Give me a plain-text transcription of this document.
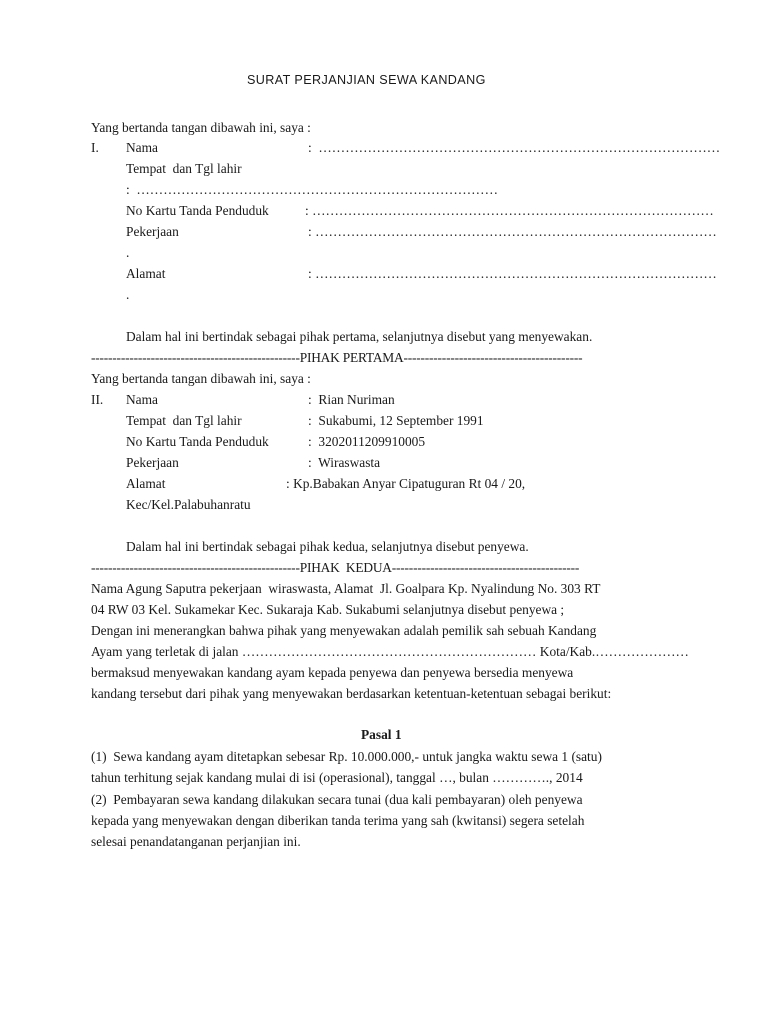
SURAT PERJANJIAN SEWA KANDANG
Yang bertanda tangan dibawah ini, saya :
I. Nama	:  ………………………………………………………………………………
Tempat  dan Tgl lahir
:  ………………………………………………………………………
No Kartu Tanda Penduduk	: ………………………………………………………………………………
Pekerjaan	: ………………………………………………………………………………
.
Alamat	: ………………………………………………………………………………
.
Dalam hal ini bertindak sebagai pihak pertama, selanjutnya disebut yang menyewakan.
-------------------------------------------------PIHAK PERTAMA------------------------------------------
Yang bertanda tangan dibawah ini, saya :
II. Nama	:  Rian Nuriman
Tempat  dan Tgl lahir	:  Sukabumi, 12 September 1991
No Kartu Tanda Penduduk	:  3202011209910005
Pekerjaan	:  Wiraswasta
Alamat	: Kp.Babakan Anyar Cipatuguran Rt 04 / 20,
Kec/Kel.Palabuhanratu
Dalam hal ini bertindak sebagai pihak kedua, selanjutnya disebut penyewa.
-------------------------------------------------PIHAK  KEDUA--------------------------------------------
Nama Agung Saputra pekerjaan  wiraswasta, Alamat  Jl. Goalpara Kp. Nyalindung No. 303 RT
04 RW 03 Kel. Sukamekar Kec. Sukaraja Kab. Sukabumi selanjutnya disebut penyewa ;
Dengan ini menerangkan bahwa pihak yang menyewakan adalah pemilik sah sebuah Kandang
Ayam yang terletak di jalan ………………………………………………………… Kota/Kab.…………………
bermaksud menyewakan kandang ayam kepada penyewa dan penyewa bersedia menyewa
kandang tersebut dari pihak yang menyewakan berdasarkan ketentuan-ketentuan sebagai berikut:
Pasal 1
(1)  Sewa kandang ayam ditetapkan sebesar Rp. 10.000.000,- untuk jangka waktu sewa 1 (satu)
tahun terhitung sejak kandang mulai di isi (operasional), tanggal …, bulan …………., 2014
(2)  Pembayaran sewa kandang dilakukan secara tunai (dua kali pembayaran) oleh penyewa
kepada yang menyewakan dengan diberikan tanda terima yang sah (kwitansi) segera setelah
selesai penandatanganan perjanjian ini.
